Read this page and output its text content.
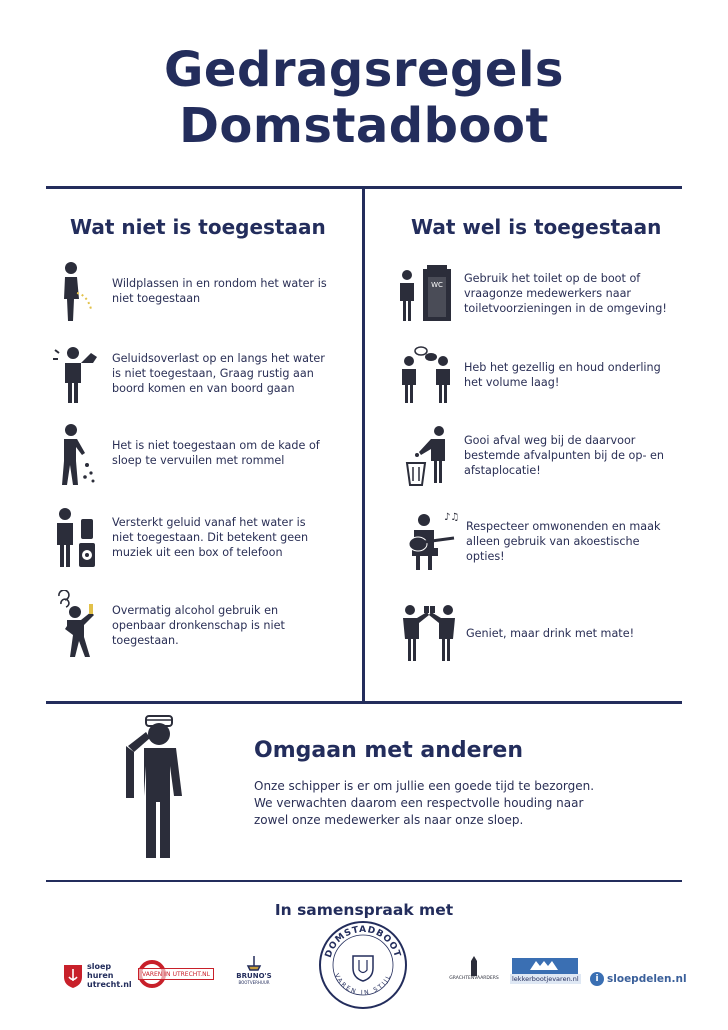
Gedragsregels
Domstadboot
Wat niet is toegestaan
Wildplassen in en rondom het water is niet toegestaan
Geluidsoverlast op en langs het water is niet toegestaan, Graag rustig aan boord komen en van boord gaan
Het is niet toegestaan om de kade of sloep te vervuilen met rommel
Versterkt geluid vanaf het water is niet toegestaan. Dit betekent geen muziek uit een box of telefoon
Overmatig alcohol gebruik en openbaar dronkenschap is niet toegestaan.
Wat wel is toegestaan
WC
Gebruik het toilet op de boot of vraagonze medewerkers naar toiletvoorzieningen in de omgeving!
Heb het gezellig en houd onderling het volume laag!
Gooi afval weg bij de daarvoor bestemde afvalpunten bij de op- en afstaplocatie!
♪♫
Respecteer omwonenden en maak alleen gebruik van akoestische opties!
Geniet, maar drink met mate!
Omgaan met anderen
Onze schipper is er om jullie een goede tijd te bezorgen. We verwachten daarom een respectvolle houding naar zowel onze medewerker als naar onze sloep.
In samenspraak met
sloep
huren
utrecht.nl
VAREN IN UTRECHT.NL	BRUNO'S
BOOTVERHUUR
DOMSTADBOOT
VAREN IN STIJL	GRACHTENVAARDERS	lekkerbootjevaren.nl	i sloepdelen.nl
